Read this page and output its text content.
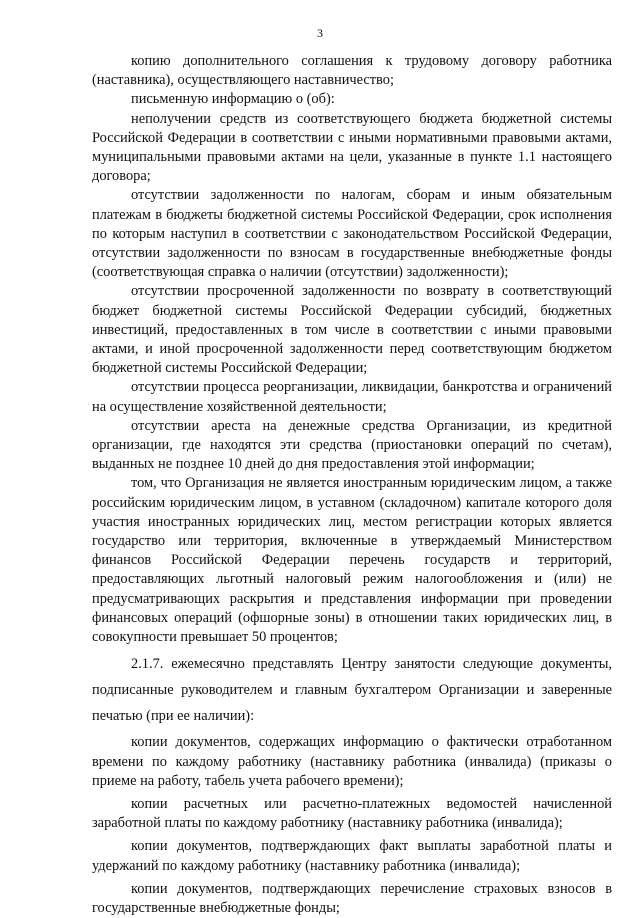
3

копию дополнительного соглашения к трудовому договору работника (наставника), осуществляющего наставничество;

письменную информацию о (об):

неполучении средств из соответствующего бюджета бюджетной системы Российской Федерации в соответствии с иными нормативными правовыми актами, муниципальными правовыми актами на цели, указанные в пункте 1.1 настоящего договора;

отсутствии задолженности по налогам, сборам и иным обязательным платежам в бюджеты бюджетной системы Российской Федерации, срок исполнения по которым наступил в соответствии с законодательством Российской Федерации, отсутствии задолженности по взносам в государственные внебюджетные фонды (соответствующая справка о наличии (отсутствии) задолженности);

отсутствии просроченной задолженности по возврату в соответствующий бюджет бюджетной системы Российской Федерации субсидий, бюджетных инвестиций, предоставленных в том числе в соответствии с иными правовыми актами, и иной просроченной задолженности перед соответствующим бюджетом бюджетной системы Российской Федерации;

отсутствии процесса реорганизации, ликвидации, банкротства и ограничений на осуществление хозяйственной деятельности;

отсутствии ареста на денежные средства Организации, из кредитной организации, где находятся эти средства (приостановки операций по счетам), выданных не позднее 10 дней до дня предоставления этой информации;

том, что Организация не является иностранным юридическим лицом, а также российским юридическим лицом, в уставном (складочном) капитале которого доля участия иностранных юридических лиц, местом регистрации которых является государство или территория, включенные в утверждаемый Министерством финансов Российской Федерации перечень государств и территорий, предоставляющих льготный налоговый режим налогообложения и (или) не предусматривающих раскрытия и представления информации при проведении финансовых операций (офшорные зоны) в отношении таких юридических лиц, в совокупности превышает 50 процентов;

2.1.7. ежемесячно представлять Центру занятости следующие документы, подписанные руководителем и главным бухгалтером Организации и заверенные печатью (при ее наличии):

копии документов, содержащих информацию о фактически отработанном времени по каждому работнику (наставнику работника (инвалида) (приказы о приеме на работу, табель учета рабочего времени);

копии расчетных или расчетно-платежных ведомостей начисленной заработной платы по каждому работнику (наставнику работника (инвалида);

копии документов, подтверждающих факт выплаты заработной платы и удержаний по каждому работнику (наставнику работника (инвалида);

копии документов, подтверждающих перечисление страховых взносов в государственные внебюджетные фонды;
